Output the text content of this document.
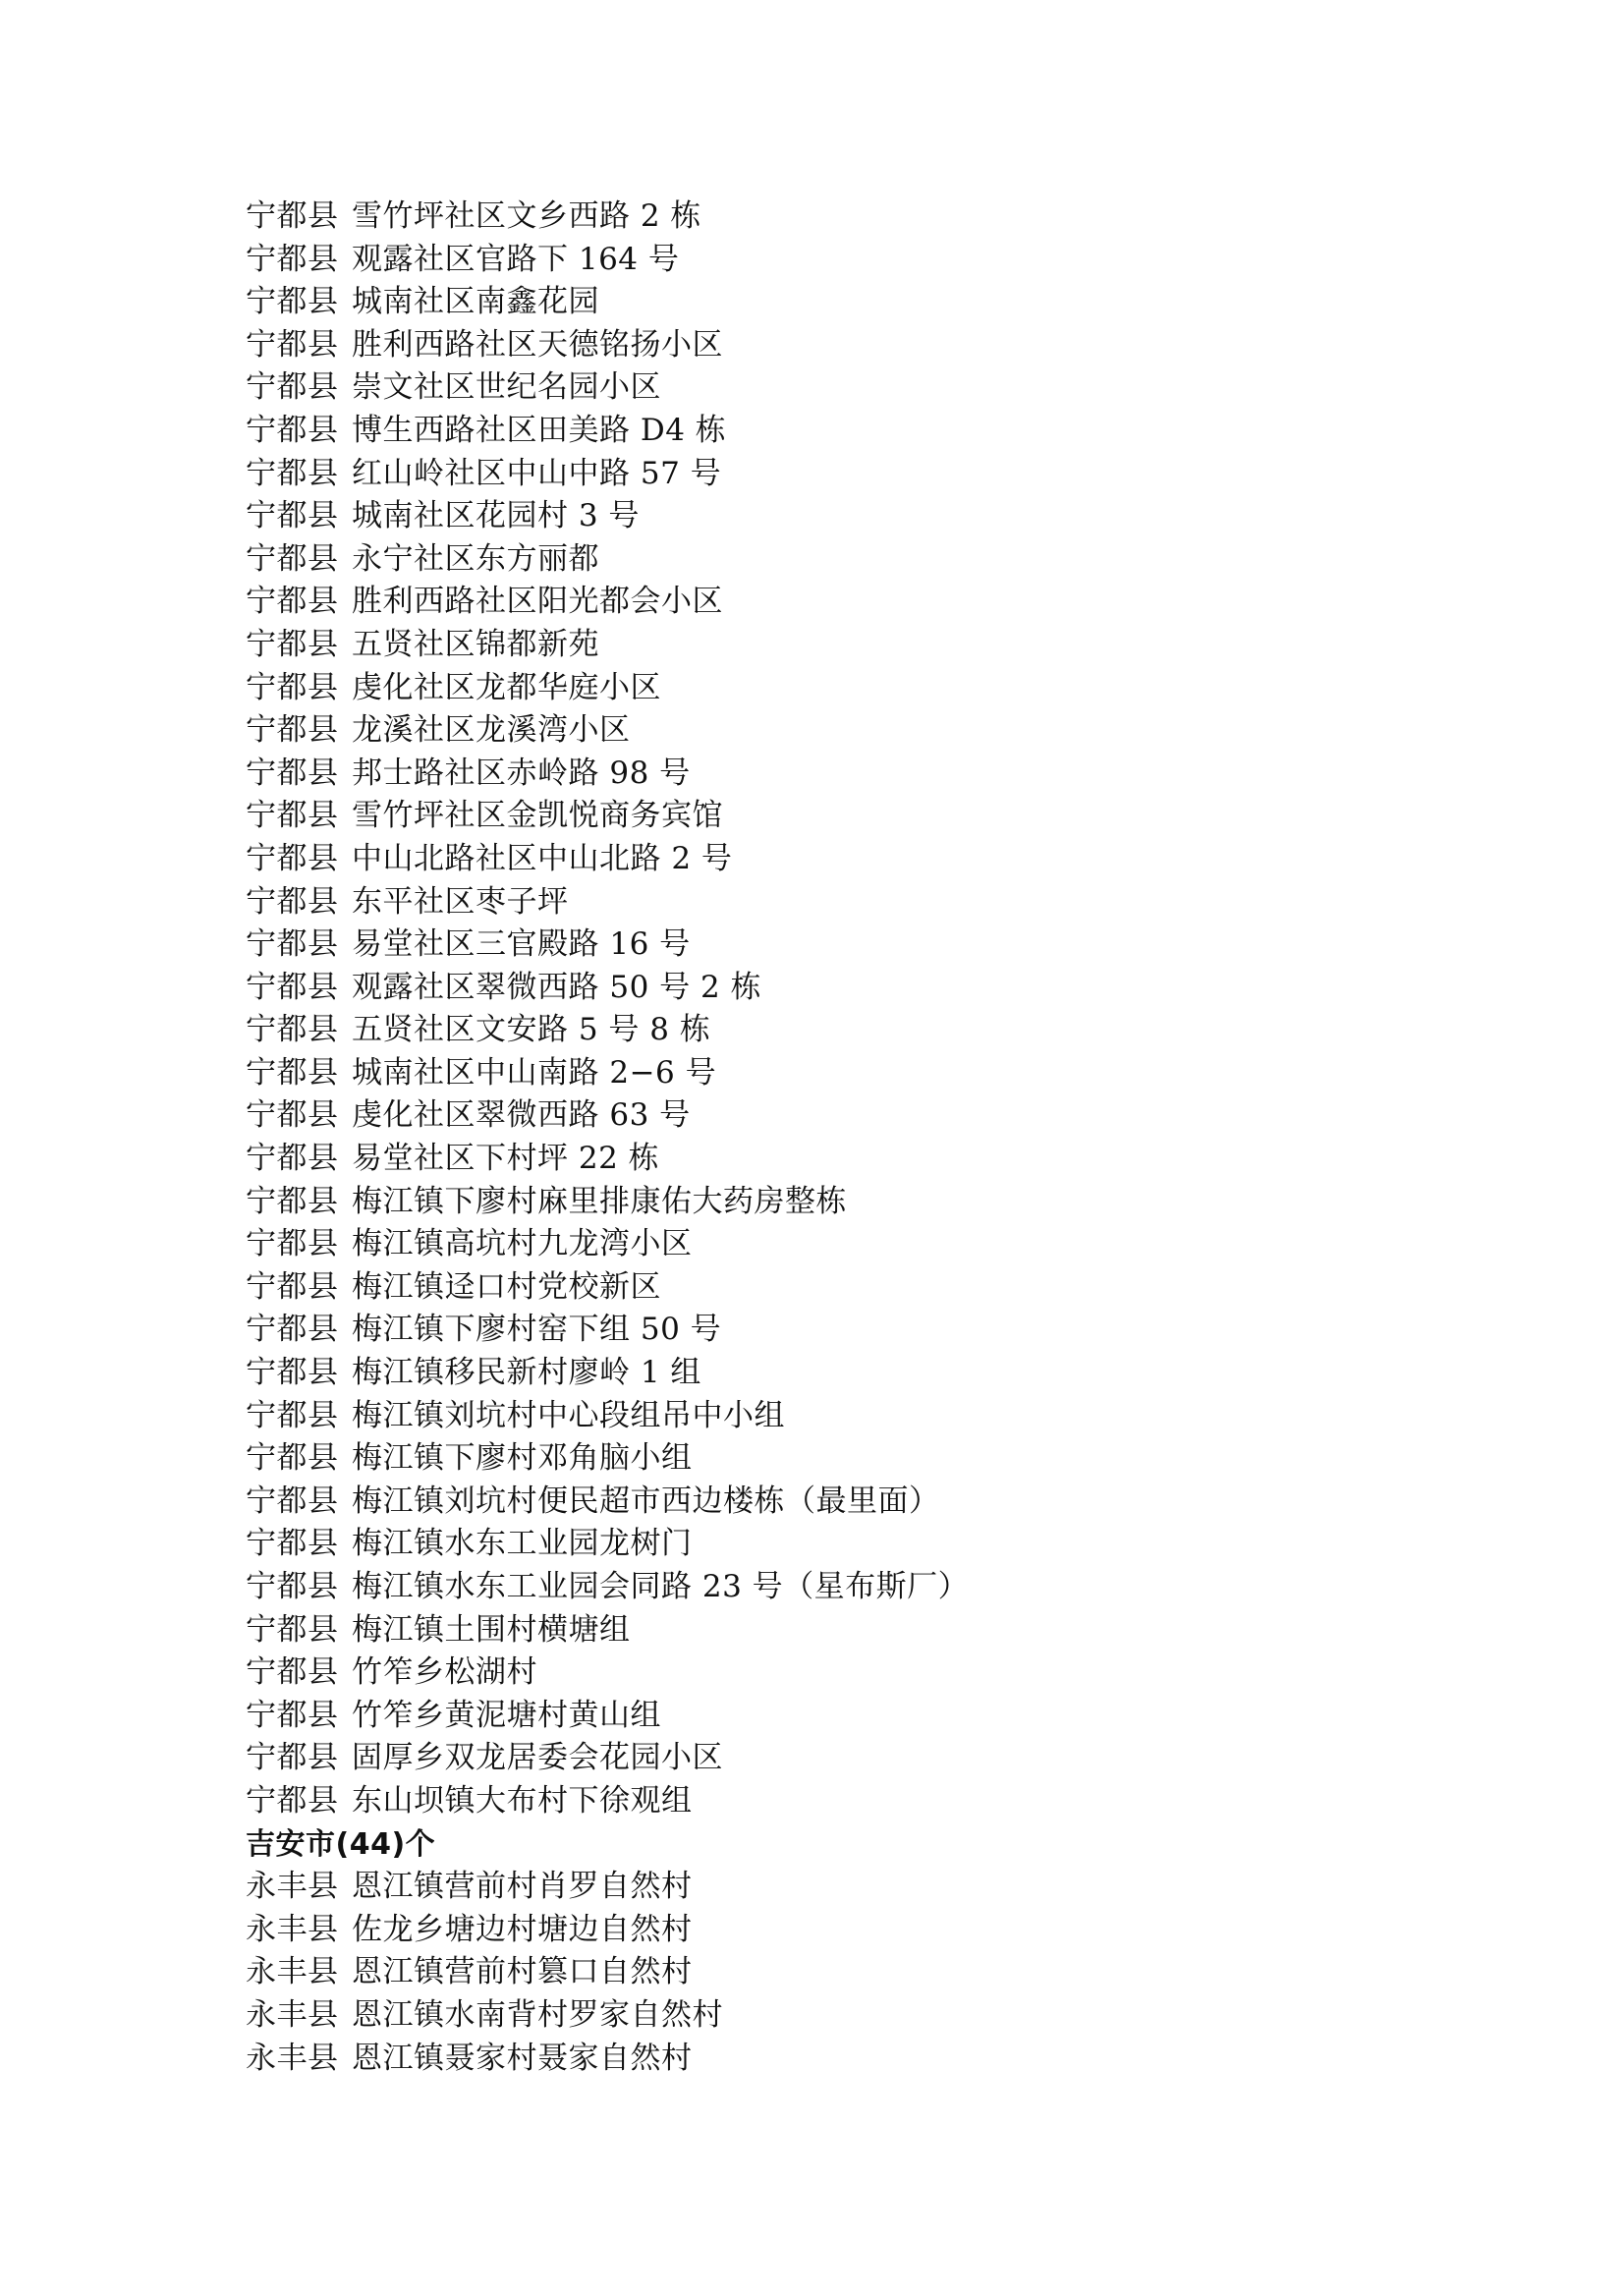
宁都县 雪竹坪社区文乡西路 2 栋
宁都县 观露社区官路下 164 号
宁都县 城南社区南鑫花园
宁都县 胜利西路社区天德铭扬小区
宁都县 崇文社区世纪名园小区
宁都县 博生西路社区田美路 D4 栋
宁都县 红山岭社区中山中路 57 号
宁都县 城南社区花园村 3 号
宁都县 永宁社区东方丽都
宁都县 胜利西路社区阳光都会小区
宁都县 五贤社区锦都新苑
宁都县 虔化社区龙都华庭小区
宁都县 龙溪社区龙溪湾小区
宁都县 邦士路社区赤岭路 98 号
宁都县 雪竹坪社区金凯悦商务宾馆
宁都县 中山北路社区中山北路 2 号
宁都县 东平社区枣子坪
宁都县 易堂社区三官殿路 16 号
宁都县 观露社区翠微西路 50 号 2 栋
宁都县 五贤社区文安路 5 号 8 栋
宁都县 城南社区中山南路 2−6 号
宁都县 虔化社区翠微西路 63 号
宁都县 易堂社区下村坪 22 栋
宁都县 梅江镇下廖村麻里排康佑大药房整栋
宁都县 梅江镇高坑村九龙湾小区
宁都县 梅江镇迳口村党校新区
宁都县 梅江镇下廖村窑下组 50 号
宁都县 梅江镇移民新村廖岭 1 组
宁都县 梅江镇刘坑村中心段组吊中小组
宁都县 梅江镇下廖村邓角脑小组
宁都县 梅江镇刘坑村便民超市西边楼栋（最里面）
宁都县 梅江镇水东工业园龙树门
宁都县 梅江镇水东工业园会同路 23 号（星布斯厂）
宁都县 梅江镇土围村横塘组
宁都县 竹笮乡松湖村
宁都县 竹笮乡黄泥塘村黄山组
宁都县 固厚乡双龙居委会花园小区
宁都县 东山坝镇大布村下徐观组
吉安市(44)个
永丰县 恩江镇营前村肖罗自然村
永丰县 佐龙乡塘边村塘边自然村
永丰县 恩江镇营前村篡口自然村
永丰县 恩江镇水南背村罗家自然村
永丰县 恩江镇聂家村聂家自然村
